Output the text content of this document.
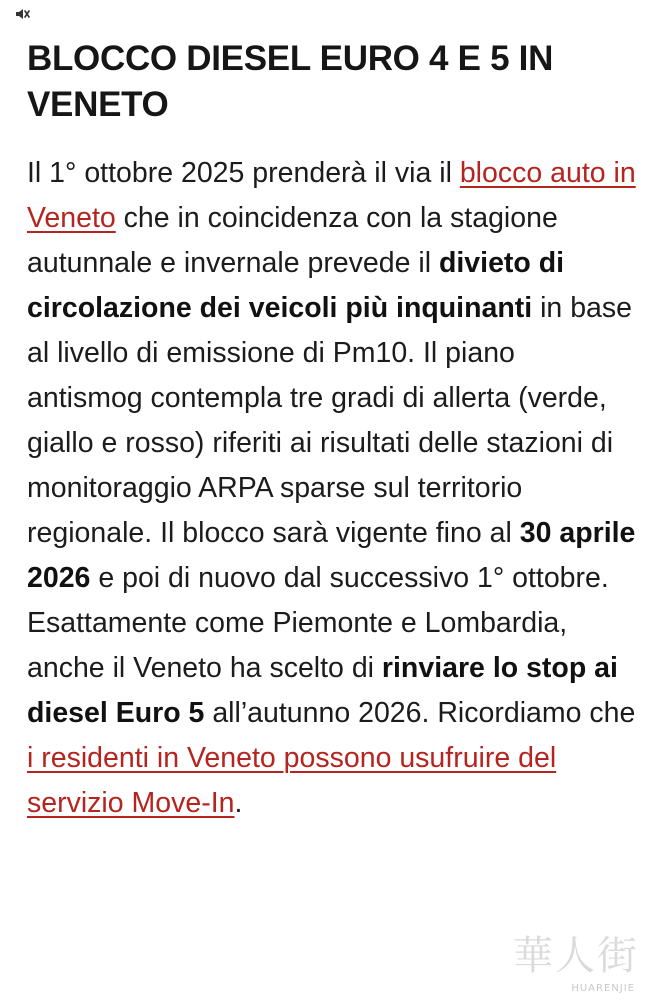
BLOCCO DIESEL EURO 4 E 5 IN VENETO

Il 1° ottobre 2025 prenderà il via il blocco auto in Veneto che in coincidenza con la stagione autunnale e invernale prevede il divieto di circolazione dei veicoli più inquinanti in base al livello di emissione di Pm10. Il piano antismog contempla tre gradi di allerta (verde, giallo e rosso) riferiti ai risultati delle stazioni di monitoraggio ARPA sparse sul territorio regionale. Il blocco sarà vigente fino al 30 aprile 2026 e poi di nuovo dal successivo 1° ottobre. Esattamente come Piemonte e Lombardia, anche il Veneto ha scelto di rinviare lo stop ai diesel Euro 5 all’autunno 2026. Ricordiamo che i residenti in Veneto possono usufruire del servizio Move-In.

華人街
HUARENJIE
